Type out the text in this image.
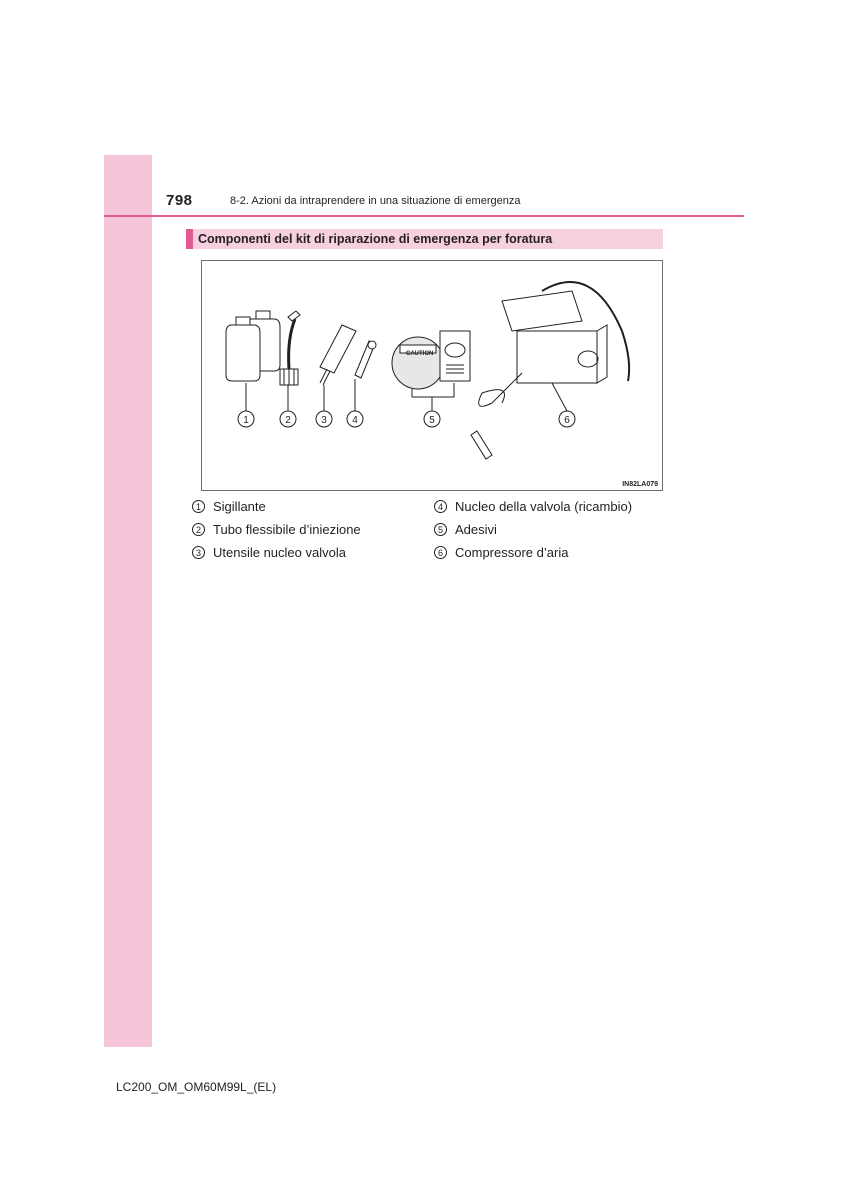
798	8-2. Azioni da intraprendere in una situazione di emergenza
Componenti del kit di riparazione di emergenza per foratura
CAUTION
1	2	3	4	5	6
IN82LA079
1 Sigillante
2 Tubo flessibile d’iniezione
3 Utensile nucleo valvola
4 Nucleo della valvola (ricambio)
5 Adesivi
6 Compressore d’aria
LC200_OM_OM60M99L_(EL)
